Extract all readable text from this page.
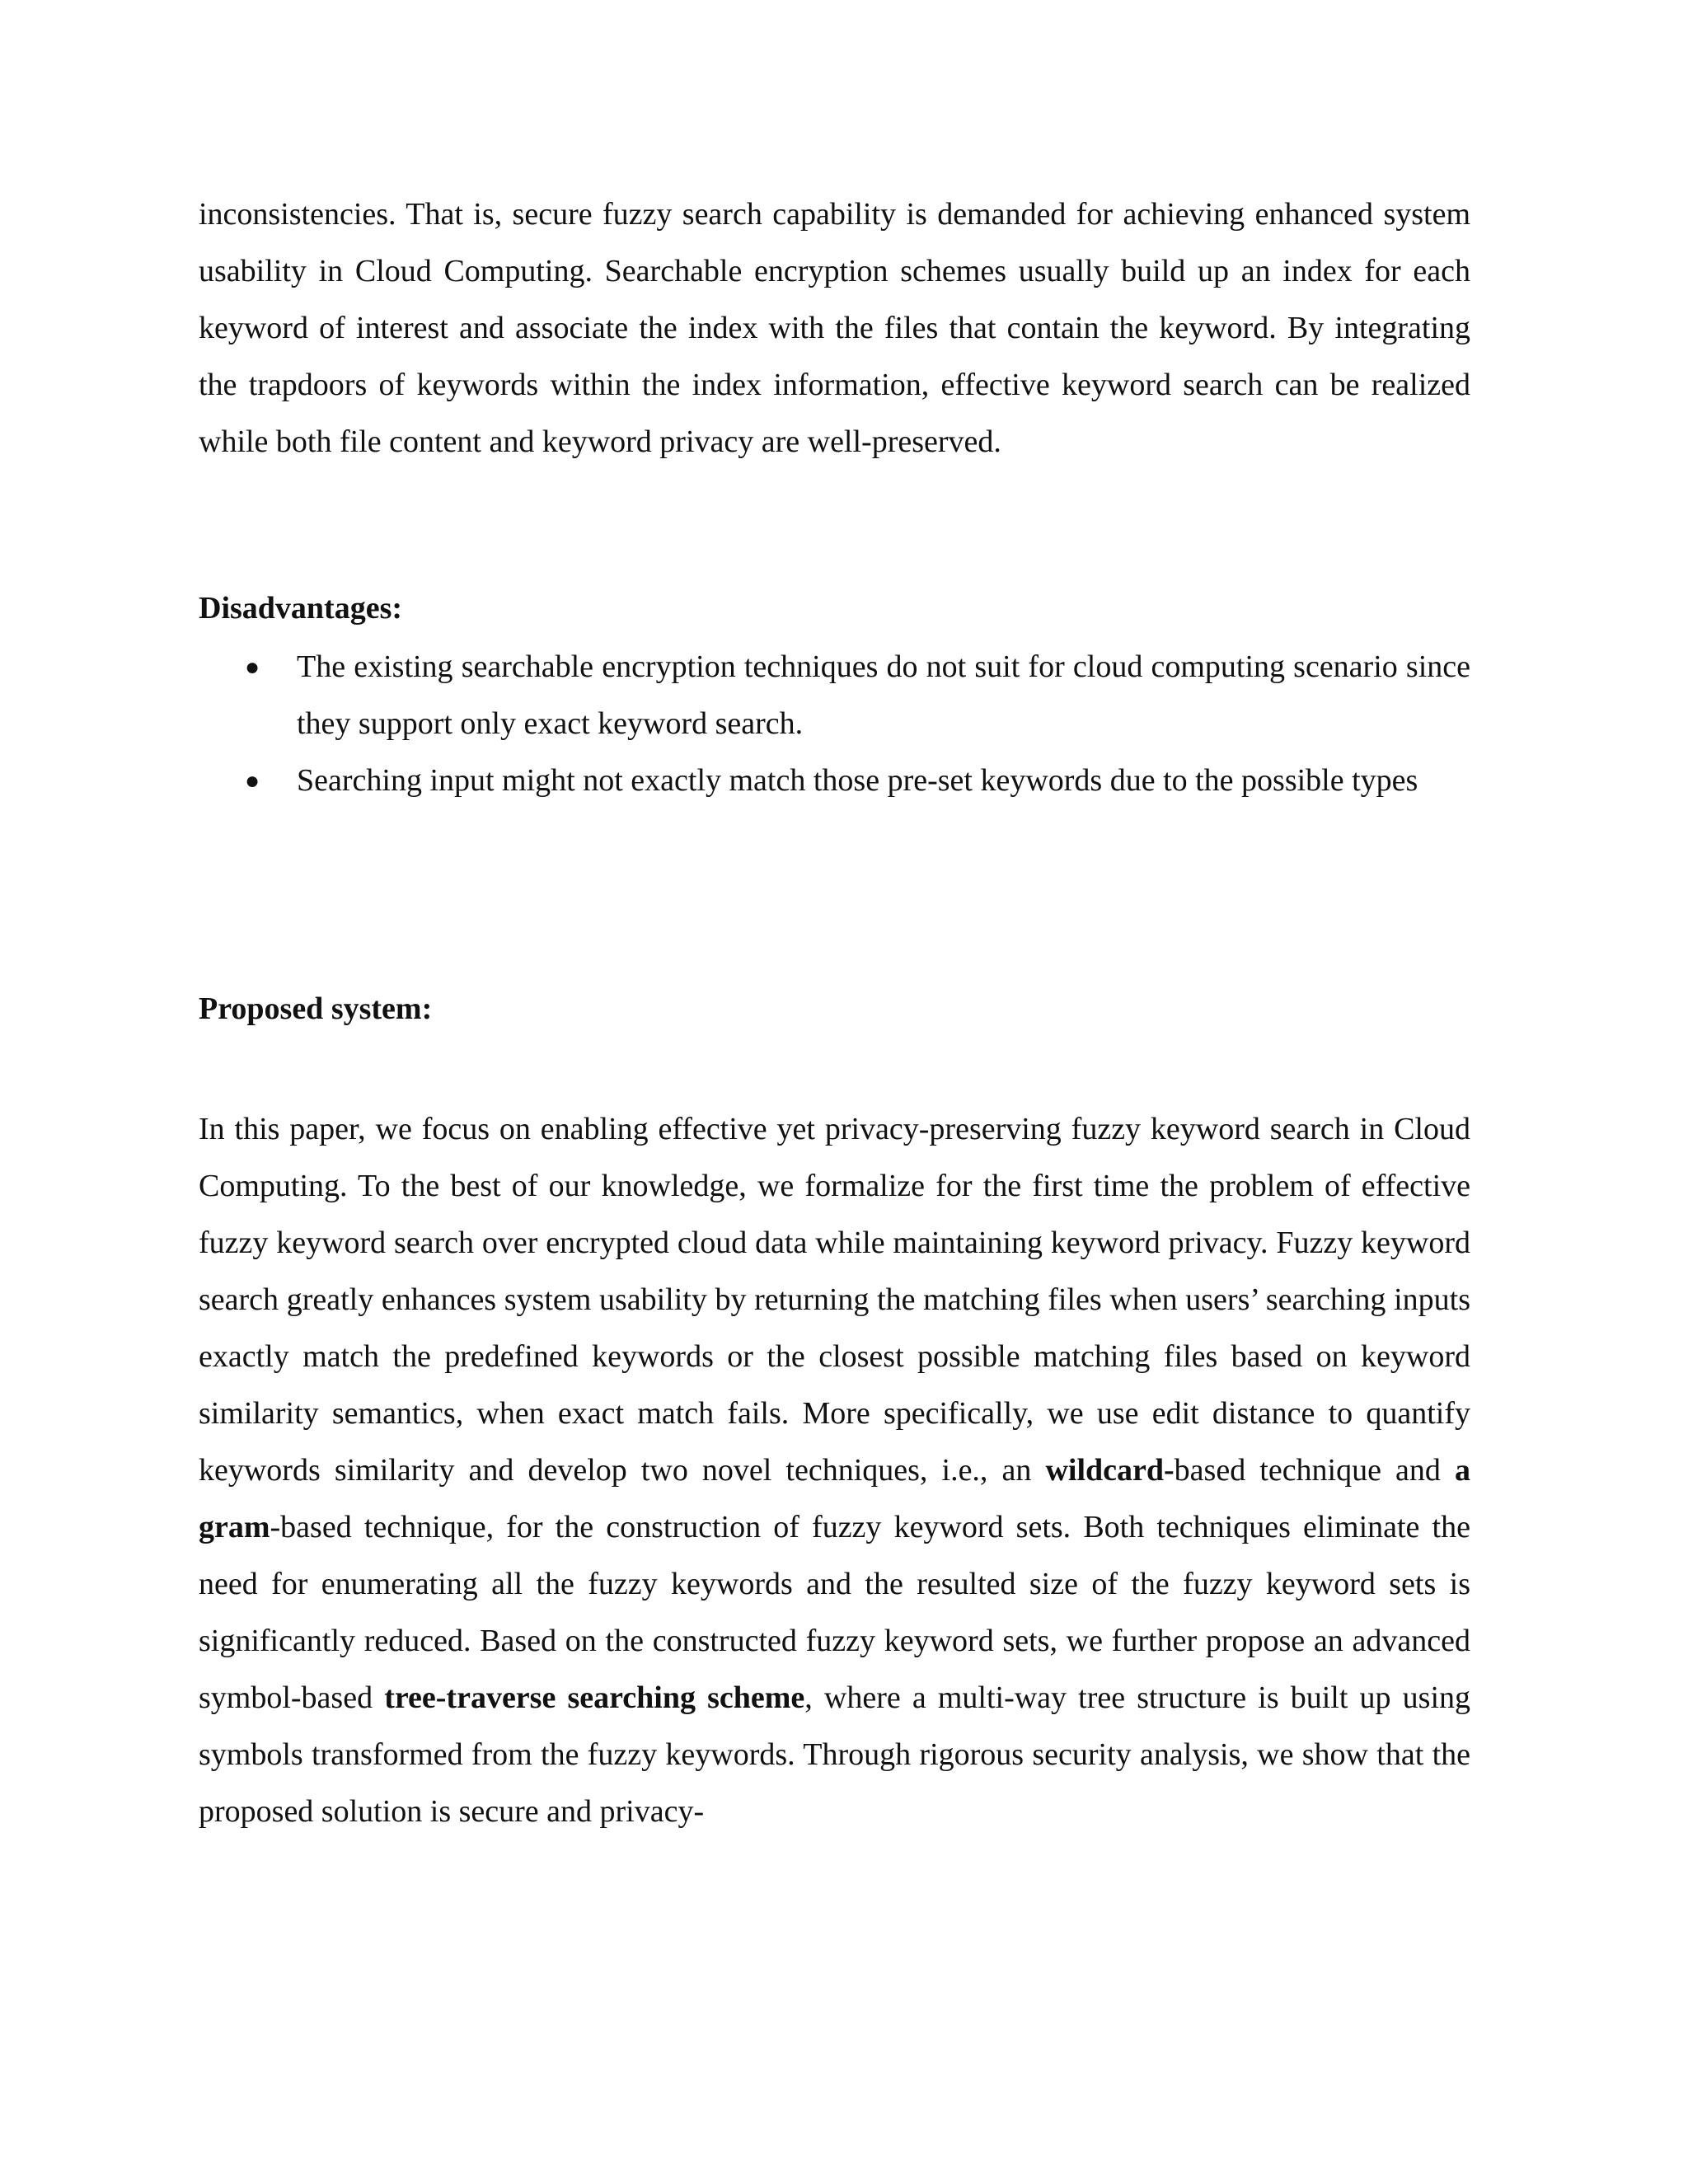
inconsistencies. That is, secure fuzzy search capability is demanded for achieving enhanced system usability in Cloud Computing. Searchable encryption schemes usually build up an index for each keyword of interest and associate the index with the files that contain the keyword. By integrating the trapdoors of keywords within the index information, effective keyword search can be realized while both file content and keyword privacy are well-preserved.

Disadvantages:
● The existing searchable encryption techniques do not suit for cloud computing scenario since they support only exact keyword search.
● Searching input might not exactly match those pre-set keywords due to the possible types
Proposed system:

In this paper, we focus on enabling effective yet privacy-preserving fuzzy keyword search in Cloud Computing. To the best of our knowledge, we formalize for the first time the problem of effective fuzzy keyword search over encrypted cloud data while maintaining keyword privacy. Fuzzy keyword search greatly enhances system usability by returning the matching files when users’ searching inputs exactly match the predefined keywords or the closest possible matching files based on keyword similarity semantics, when exact match fails. More specifically, we use edit distance to quantify keywords similarity and develop two novel techniques, i.e., an wildcard-based technique and a gram-based technique, for the construction of fuzzy keyword sets. Both techniques eliminate the need for enumerating all the fuzzy keywords and the resulted size of the fuzzy keyword sets is significantly reduced. Based on the constructed fuzzy keyword sets, we further propose an advanced symbol-based tree-traverse searching scheme, where a multi-way tree structure is built up using symbols transformed from the fuzzy keywords. Through rigorous security analysis, we show that the proposed solution is secure and privacy-
